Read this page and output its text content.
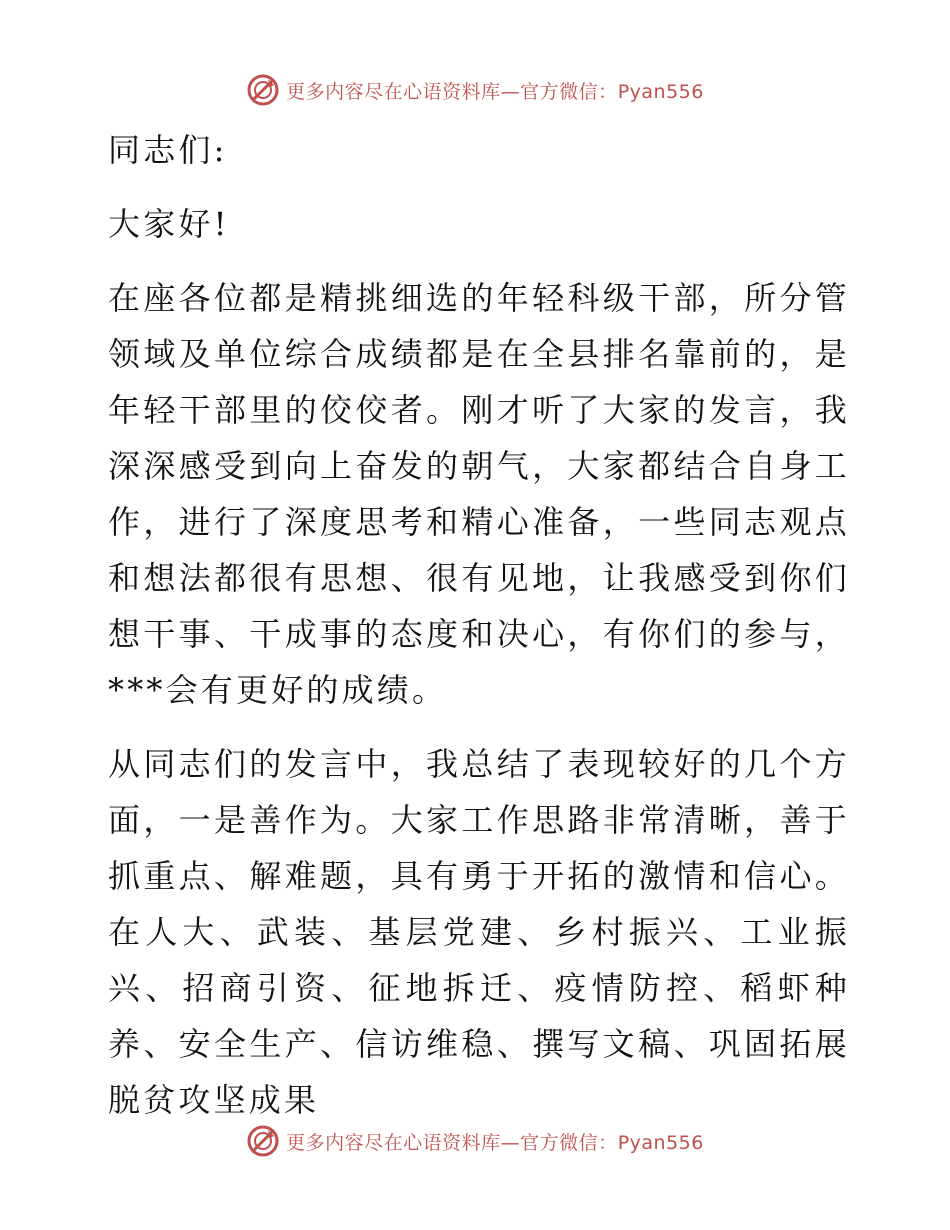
更多内容尽在心语资料库—官方微信：Pyan556

同志们:

大家好!

在座各位都是精挑细选的年轻科级干部，所分管领域及单位综合成绩都是在全县排名靠前的，是年轻干部里的佼佼者。刚才听了大家的发言，我深深感受到向上奋发的朝气，大家都结合自身工作，进行了深度思考和精心准备，一些同志观点和想法都很有思想、很有见地，让我感受到你们想干事、干成事的态度和决心，有你们的参与，***会有更好的成绩。

从同志们的发言中，我总结了表现较好的几个方面，一是善作为。大家工作思路非常清晰，善于抓重点、解难题，具有勇于开拓的激情和信心。在人大、武装、基层党建、乡村振兴、工业振兴、招商引资、征地拆迁、疫情防控、稻虾种养、安全生产、信访维稳、撰写文稿、巩固拓展脱贫攻坚成果

更多内容尽在心语资料库—官方微信：Pyan556
